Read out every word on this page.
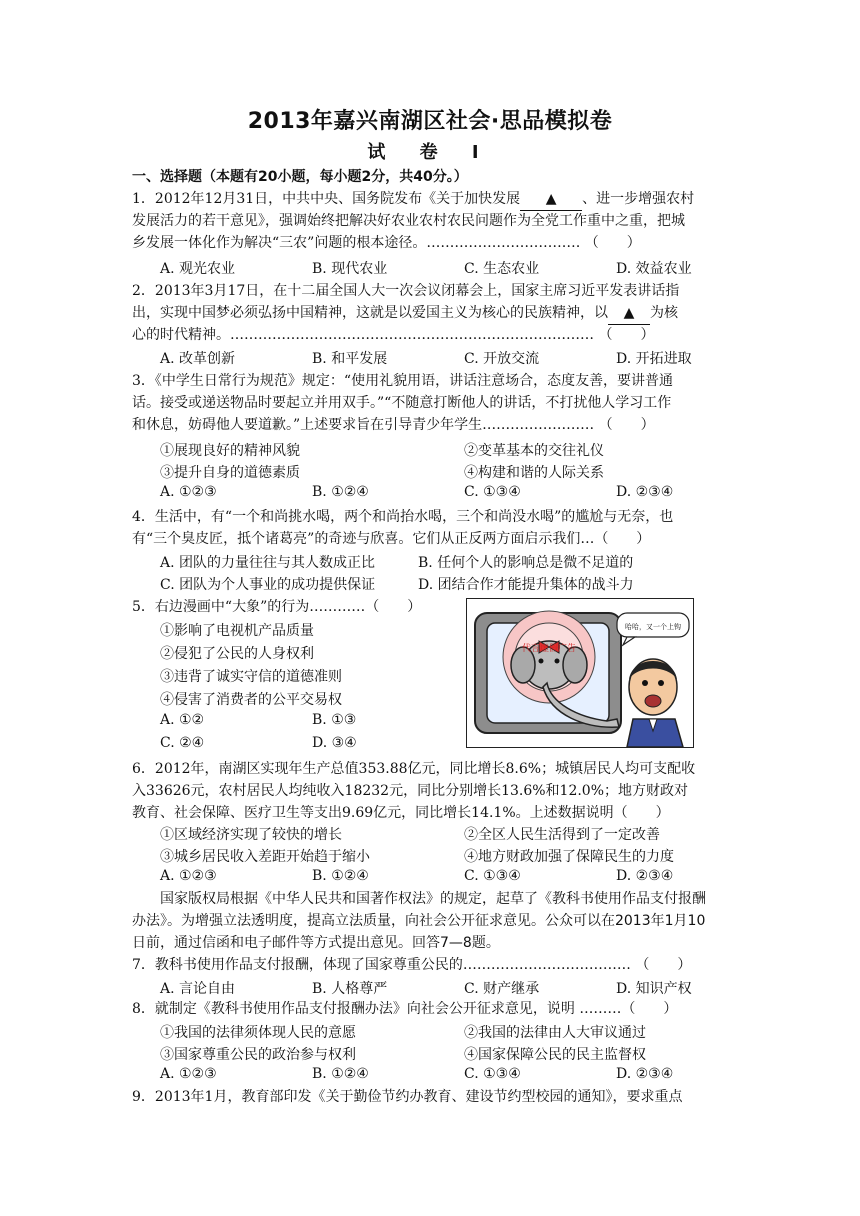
2013年嘉兴南湖区社会·思品模拟卷
试 卷 Ⅰ
一、选择题（本题有20小题，每小题2分，共40分。）
1．2012年12月31日，中共中央、国务院发布《关于加快发展 ▲ 、进一步增强农村
发展活力的若干意见》，强调始终把解决好农业农村农民问题作为全党工作重中之重，把城
乡发展一体化作为解决“三农”问题的根本途径。…………………………… （　　）
A. 观光农业	B. 现代农业	C. 生态农业	D. 效益农业
2．2013年3月17日，在十二届全国人大一次会议闭幕会上，国家主席习近平发表讲话指
出，实现中国梦必须弘扬中国精神，这就是以爱国主义为核心的民族精神，以 ▲ 为核
心的时代精神。…………………………………………………………………… （　　）
A. 改革创新	B. 和平发展	C. 开放交流	D. 开拓进取
3．《中学生日常行为规范》规定：“使用礼貌用语，讲话注意场合，态度友善，要讲普通
话。接受或递送物品时要起立并用双手。”“不随意打断他人的讲话，不打扰他人学习工作
和休息，妨碍他人要道歉。”上述要求旨在引导青少年学生…………………… （　　）
①展现良好的精神风貌	②变革基本的交往礼仪
③提升自身的道德素质	④构建和谐的人际关系
A. ①②③	B. ①②④	C. ①③④	D. ②③④
4．生活中，有“一个和尚挑水喝，两个和尚抬水喝，三个和尚没水喝”的尴尬与无奈，也
有“三个臭皮匠，抵个诸葛亮”的奇迹与欣喜。它们从正反两方面启示我们…（　　）
A. 团队的力量往往与其人数成正比	B. 任何个人的影响总是微不足道的
C. 团队为个人事业的成功提供保证	D. 团结合作才能提升集体的战斗力
5．右边漫画中“大象”的行为…………（　　）
①影响了电视机产品质量
②侵犯了公民的人身权利
③违背了诚实守信的道德准则
④侵害了消费者的公平交易权
A. ①②	B. ①③
C. ②④	D. ③④
代言虚假广告
哈哈，又一个上钩
6．2012年，南湖区实现年生产总值353.88亿元，同比增长8.6%；城镇居民人均可支配收
入33626元，农村居民人均纯收入18232元，同比分别增长13.6%和12.0%；地方财政对
教育、社会保障、医疗卫生等支出9.69亿元，同比增长14.1%。上述数据说明（　　）
①区域经济实现了较快的增长	②全区人民生活得到了一定改善
③城乡居民收入差距开始趋于缩小	④地方财政加强了保障民生的力度
A. ①②③	B. ①②④	C. ①③④	D. ②③④
国家版权局根据《中华人民共和国著作权法》的规定，起草了《教科书使用作品支付报酬办法》。为增强立法透明度，提高立法质量，向社会公开征求意见。公众可以在2013年1月10日前，通过信函和电子邮件等方式提出意见。回答7—8题。
7．教科书使用作品支付报酬，体现了国家尊重公民的……………………………… （　　）
A. 言论自由	B. 人格尊严	C. 财产继承	D. 知识产权
8．就制定《教科书使用作品支付报酬办法》向社会公开征求意见，说明 ………（　　）
①我国的法律须体现人民的意愿	②我国的法律由人大审议通过
③国家尊重公民的政治参与权利	④国家保障公民的民主监督权
A. ①②③	B. ①②④	C. ①③④	D. ②③④
9．2013年1月，教育部印发《关于勤俭节约办教育、建设节约型校园的通知》，要求重点
